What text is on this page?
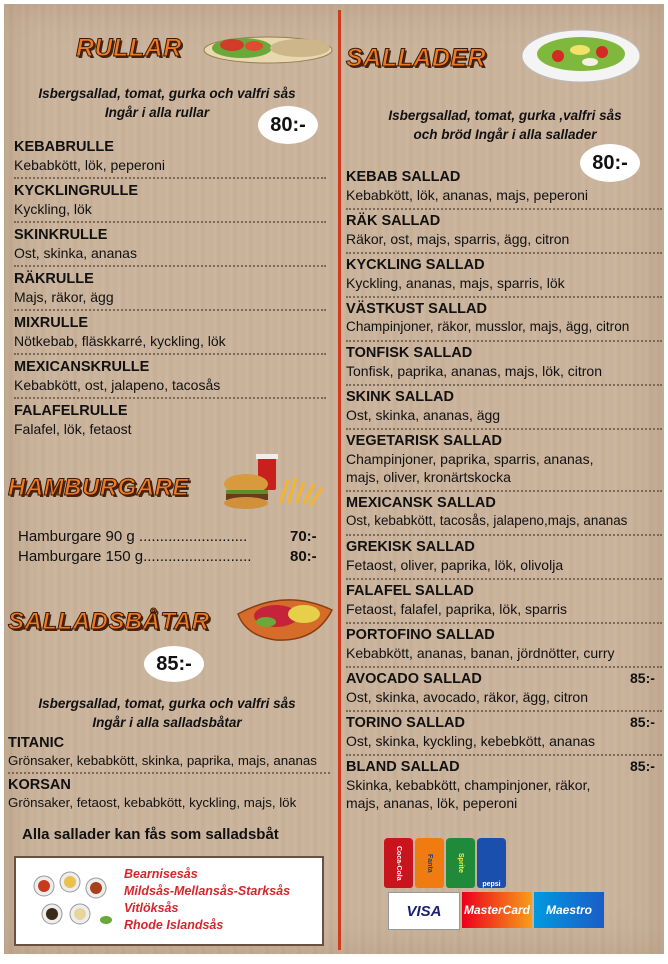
RULLAR
Isbergsallad, tomat, gurka och valfri sås
Ingår i alla rullar
80:-
KEBABRULLE
Kebabkött, lök, peperoni
KYCKLINGRULLE
Kyckling, lök
SKINKRULLE
Ost, skinka, ananas
RÄKRULLE
Majs, räkor, ägg
MIXRULLE
Nötkebab, fläskkarré, kyckling, lök
MEXICANSKRULLE
Kebabkött, ost, jalapeno, tacosås
FALAFELRULLE
Falafel, lök, fetaost
HAMBURGARE
Hamburgare 90 g ..........................	70:-
Hamburgare 150 g..........................	80:-
SALLADSBÅTAR
85:-
Isbergsallad, tomat, gurka och valfri sås
Ingår i alla salladsbåtar
TITANIC
Grönsaker, kebabkött, skinka, paprika, majs, ananas
KORSAN
Grönsaker, fetaost, kebabkött, kyckling, majs, lök
Alla sallader kan fås som salladsbåt
Bearnisesås
Mildsås-Mellansås-Starksås
Vitlöksås
Rhode Islandsås
SALLADER
Isbergsallad, tomat, gurka ,valfri sås
och bröd Ingår i alla sallader
80:-
KEBAB SALLAD
Kebabkött, lök, ananas, majs, peperoni
RÄK SALLAD
Räkor, ost, majs, sparris, ägg, citron
KYCKLING SALLAD
Kyckling, ananas, majs, sparris, lök
VÄSTKUST SALLAD
Champinjoner, räkor, musslor, majs, ägg, citron
TONFISK SALLAD
Tonfisk, paprika, ananas, majs, lök, citron
SKINK SALLAD
Ost, skinka, ananas, ägg
VEGETARISK SALLAD
Champinjoner, paprika, sparris, ananas,
majs, oliver, kronärtskocka
MEXICANSK SALLAD
Ost, kebabkött, tacosås, jalapeno,majs, ananas
GREKISK SALLAD
Fetaost, oliver, paprika, lök, olivolja
FALAFEL SALLAD
Fetaost, falafel, paprika, lök, sparris
PORTOFINO SALLAD
Kebabkött, ananas, banan, jördnötter, curry
AVOCADO SALLAD
Ost, skinka, avocado, räkor, ägg, citron
85:-
TORINO SALLAD
Ost, skinka, kyckling, kebebkött, ananas
85:-
BLAND SALLAD
Skinka, kebabkött, champinjoner, räkor,
majs, ananas, lök, peperoni
85:-
Coca-Cola	Fanta	Sprite
pepsi
VISA MasterCard Maestro
